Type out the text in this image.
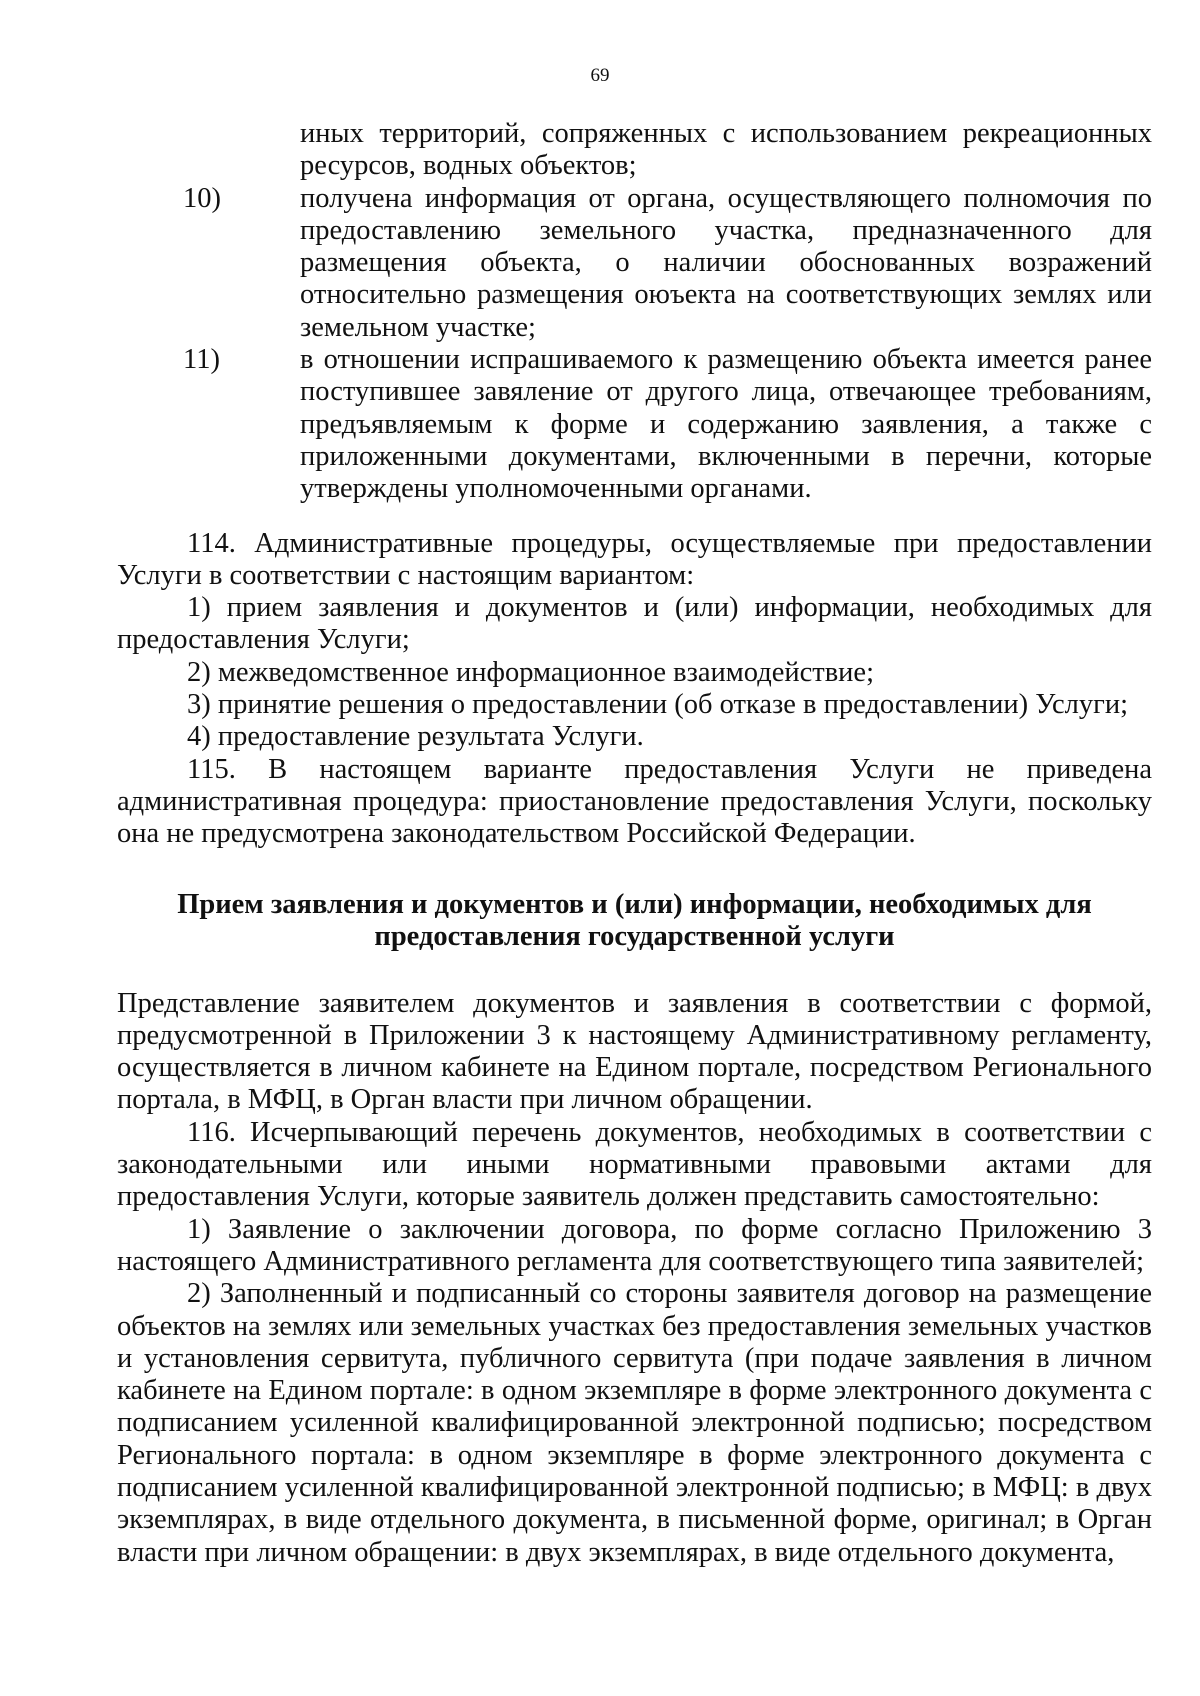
69

иных территорий, сопряженных с использованием рекреационных ресурсов, водных объектов;

10)	получена информация от органа, осуществляющего полномочия по предоставлению земельного участка, предназначенного для размещения объекта, о наличии обоснованных возражений относительно размещения оюъекта на соответствующих землях или земельном участке;

11)	в отношении испрашиваемого к размещению объекта имеется ранее поступившее завяление от другого лица, отвечающее требованиям, предъявляемым к форме и содержанию заявления, а также с приложенными документами, включенными в перечни, которые утверждены уполномоченными органами.

114. Административные процедуры, осуществляемые при предоставлении Услуги в соответствии с настоящим вариантом:

1) прием заявления и документов и (или) информации, необходимых для предоставления Услуги;

2) межведомственное информационное взаимодействие;

3) принятие решения о предоставлении (об отказе в предоставлении) Услуги;

4) предоставление результата Услуги.

115. В настоящем варианте предоставления Услуги не приведена административная процедура: приостановление предоставления Услуги, поскольку она не предусмотрена законодательством Российской Федерации.

Прием заявления и документов и (или) информации, необходимых для
предоставления государственной услуги

Представление заявителем документов и заявления в соответствии с формой, предусмотренной в Приложении 3 к настоящему Административному регламенту, осуществляется в личном кабинете на Едином портале, посредством Регионального портала, в МФЦ, в Орган власти при личном обращении.

116. Исчерпывающий перечень документов, необходимых в соответствии с законодательными или иными нормативными правовыми актами для предоставления Услуги, которые заявитель должен представить самостоятельно:

1) Заявление о заключении договора, по форме согласно Приложению 3 настоящего Административного регламента для соответствующего типа заявителей;

2) Заполненный и подписанный со стороны заявителя договор на размещение объектов на землях или земельных участках без предоставления земельных участков и установления сервитута, публичного сервитута (при подаче заявления в личном кабинете на Едином портале: в одном экземпляре в форме электронного документа с подписанием усиленной квалифицированной электронной подписью; посредством Регионального портала: в одном экземпляре в форме электронного документа с подписанием усиленной квалифицированной электронной подписью; в МФЦ: в двух экземплярах, в виде отдельного документа, в письменной форме, оригинал; в Орган власти при личном обращении: в двух экземплярах, в виде отдельного документа,
